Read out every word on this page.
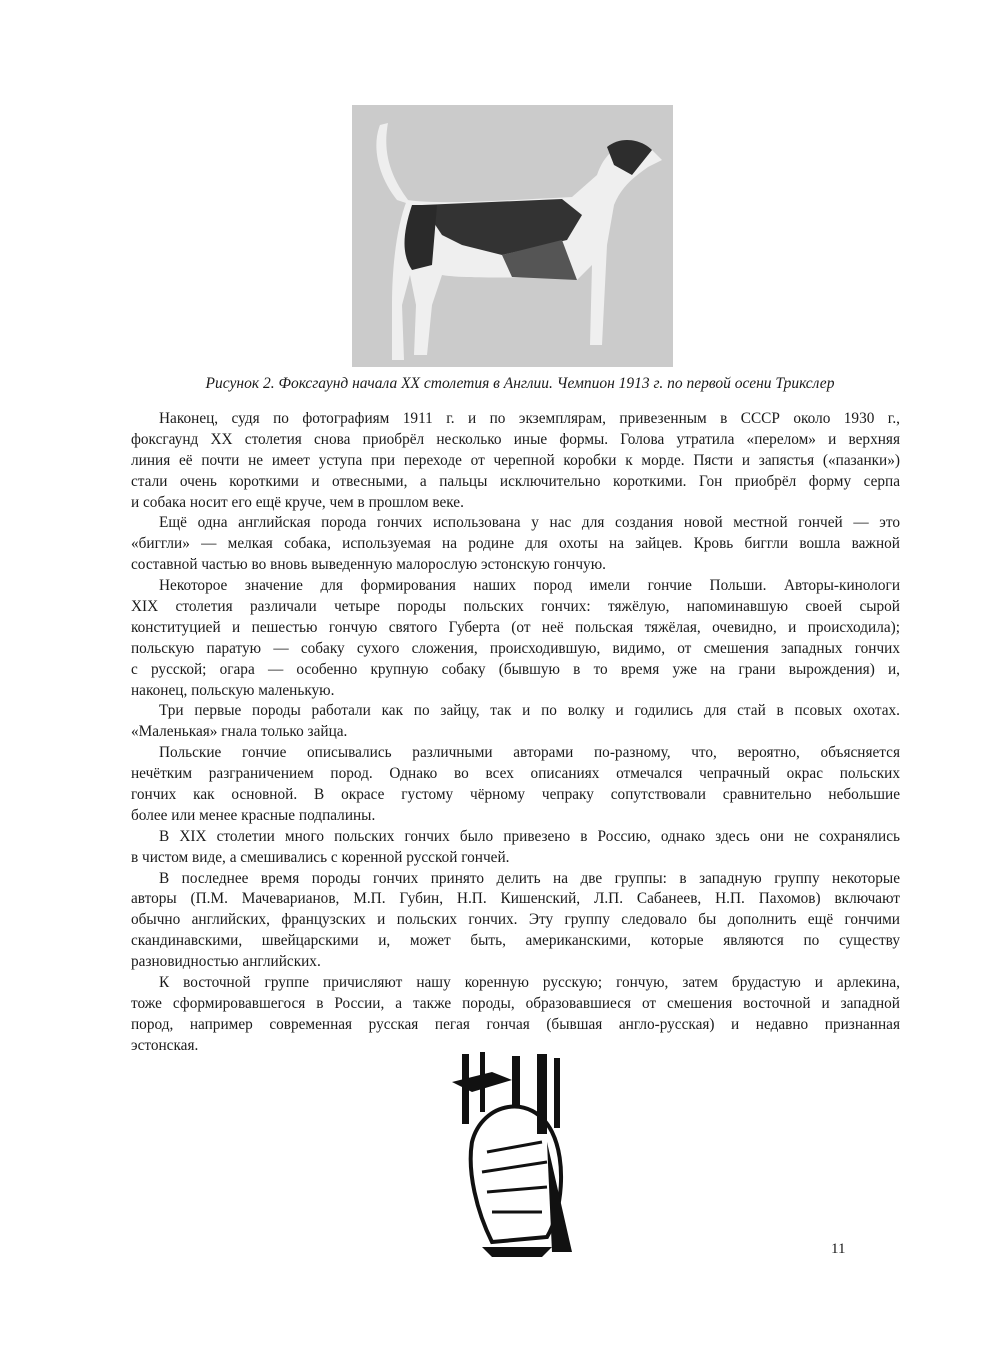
Рисунок 2. Фоксгаунд начала XX столетия в Англии. Чемпион 1913 г. по первой осени Трикслер
Наконец, судя по фотографиям 1911 г. и по экземплярам, привезенным в СССР около 1930 г.,
фоксгаунд XX столетия снова приобрёл несколько иные формы. Голова утратила «перелом» и верхняя
линия её почти не имеет уступа при переходе от черепной коробки к морде. Пясти и запястья («пазанки»)
стали очень короткими и отвесными, а пальцы исключительно короткими. Гон приобрёл форму серпа
и собака носит его ещё круче, чем в прошлом веке.
Ещё одна английская порода гончих использована у нас для создания новой местной гончей — это
«биггли» — мелкая собака, используемая на родине для охоты на зайцев. Кровь биггли вошла важной
составной частью во вновь выведенную малорослую эстонскую гончую.
Некоторое значение для формирования наших пород имели гончие Польши. Авторы-кинологи
XIX столетия различали четыре породы польских гончих: тяжёлую, напоминавшую своей сырой
конституцией и пешестью гончую святого Губерта (от неё польская тяжёлая, очевидно, и происходила);
польскую паратую — собаку сухого сложения, происходившую, видимо, от смешения западных гончих
с русской; огара — особенно крупную собаку (бывшую в то время уже на грани вырождения) и,
наконец, польскую маленькую.
Три первые породы работали как по зайцу, так и по волку и годились для стай в псовых охотах.
«Маленькая» гнала только зайца.
Польские гончие описывались различными авторами по-разному, что, вероятно, объясняется
нечётким разграничением пород. Однако во всех описаниях отмечался чепрачный окрас польских
гончих как основной. В окрасе густому чёрному чепраку сопутствовали сравнительно небольшие
более или менее красные подпалины.
В XIX столетии много польских гончих было привезено в Россию, однако здесь они не сохранялись
в чистом виде, а смешивались с коренной русской гончей.
В последнее время породы гончих принято делить на две группы: в западную группу некоторые
авторы (П.М. Мачеварианов, М.П. Губин, Н.П. Кишенский, Л.П. Сабанеев, Н.П. Пахомов) включают
обычно английских, французских и польских гончих. Эту группу следовало бы дополнить ещё гончими
скандинавскими, швейцарскими и, может быть, американскими, которые являются по существу
разновидностью английских.
К восточной группе причисляют нашу коренную русскую; гончую, затем брудастую и арлекина,
тоже сформировавшегося в России, а также породы, образовавшиеся от смешения восточной и западной
пород, например современная русская пегая гончая (бывшая англо-русская) и недавно признанная
эстонская.
11
